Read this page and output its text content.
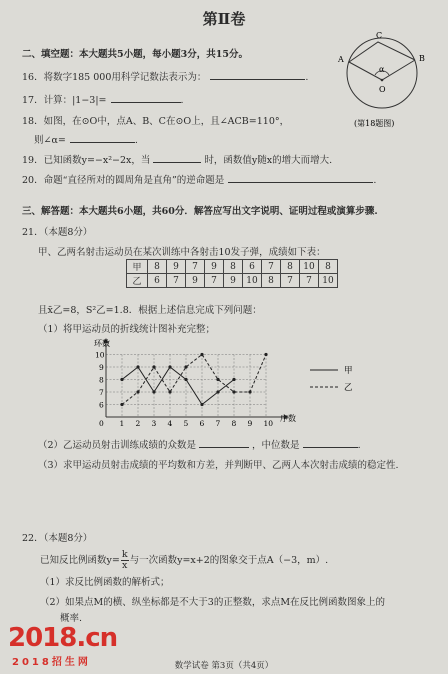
第Ⅱ卷
二、填空题：本大题共5小题，每小题3分，共15分。
16．将数字185 000用科学记数法表示为：	.
17．计算：|1−3|=	.
18．如图，在⊙O中，点A、B、C在⊙O上，且∠ACB=110°，
则∠α=	.
19．已知函数y=−x²−2x，当	时，函数值y随x的增大而增大.
20．命题“直径所对的圆周角是直角”的逆命题是	.
C
A	B
O
α
(第18题图)
三、解答题：本大题共6小题，共60分．解答应写出文字说明、证明过程或演算步骤.
21．（本题8分）
甲、乙两名射击运动员在某次训练中各射击10发子弹，成绩如下表：
甲	8	9	7	9	8	6	7	8	10	8
乙	6	7	9	7	9	10	8	7	7	10
且x̄乙=8，S²乙=1.8．根据上述信息完成下列问题：
（1）将甲运动员的折线统计图补充完整；
1 2 3 4 5 6 7 8 9 10
6
7
8
9
10
0
环数
序数
甲
乙
（2）乙运动员射击训练成绩的众数是	，中位数是	.
（3）求甲运动员射击成绩的平均数和方差，并判断甲、乙两人本次射击成绩的稳定性.
22．（本题8分）
已知反比例函数$y= \frac{k}{x}$ 与一次函数y=x+2的图象交于点A（−3，m）.
（1）求反比例函数的解析式；
（2）如果点M的横、纵坐标都是不大于3的正整数，求点M在反比例函数图象上的
概率.
数学试卷 第3页（共4页）
2018.cn
2018招生网
